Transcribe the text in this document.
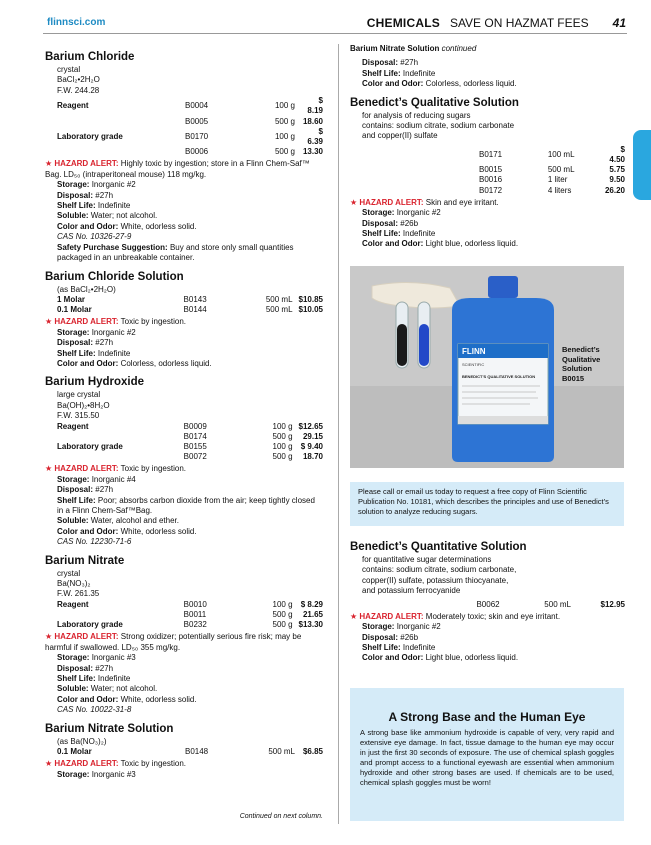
flinnsci.com	CHEMICALS SAVE ON HAZMAT FEES 41
Barium Chloride
crystal
BaCl₂•2H₂O
F.W. 244.28
Reagent	B0004	100 g	$ 8.19
	B0005	500 g	18.60
Laboratory grade	B0170	100 g	$ 6.39
	B0006	500 g	13.30
★ HAZARD ALERT: Highly toxic by ingestion; store in a Flinn Chem-Saf™ Bag. LD₅₀ (intraperitoneal mouse) 118 mg/kg.
Storage: Inorganic #2
Disposal: #27h
Shelf Life: Indefinite
Soluble: Water; not alcohol.
Color and Odor: White, odorless solid.
CAS No. 10326-27-9
Safety Purchase Suggestion: Buy and store only small quantities packaged in an unbreakable container.
Barium Chloride Solution
(as BaCl₂•2H₂O)
1 Molar	B0143	500 mL	$10.85
0.1 Molar	B0144	500 mL	$10.05
★ HAZARD ALERT: Toxic by ingestion.
Storage: Inorganic #2
Disposal: #27h
Shelf Life: Indefinite
Color and Odor: Colorless, odorless liquid.
Barium Hydroxide
large crystal
Ba(OH)₂•8H₂O
F.W. 315.50
Reagent	B0009	100 g	$12.65
	B0174	500 g	29.15
Laboratory grade	B0155	100 g	$ 9.40
	B0072	500 g	18.70
★ HAZARD ALERT: Toxic by ingestion.
Storage: Inorganic #4
Disposal: #27h
Shelf Life: Poor; absorbs carbon dioxide from the air; keep tightly closed in a Flinn Chem-Saf™Bag.
Soluble: Water, alcohol and ether.
Color and Odor: White, odorless solid.
CAS No. 12230-71-6
Barium Nitrate
crystal
Ba(NO₃)₂
F.W. 261.35
Reagent	B0010	100 g	$ 8.29
	B0011	500 g	21.65
Laboratory grade	B0232	500 g	$13.30
★ HAZARD ALERT: Strong oxidizer; potentially serious fire risk; may be harmful if swallowed. LD₅₀ 355 mg/kg.
Storage: Inorganic #3
Disposal: #27h
Shelf Life: Indefinite
Soluble: Water; not alcohol.
Color and Odor: White, odorless solid.
CAS No. 10022-31-8
Barium Nitrate Solution
(as Ba(NO₃)₂)
0.1 Molar	B0148	500 mL	$6.85
★ HAZARD ALERT: Toxic by ingestion.
Storage: Inorganic #3
Continued on next column.
Barium Nitrate Solution continued
Disposal: #27h
Shelf Life: Indefinite
Color and Odor: Colorless, odorless liquid.
Benedict’s Qualitative Solution
for analysis of reducing sugars
contains: sodium citrate, sodium carbonate
and copper(II) sulfate
	B0171	100 mL	$ 4.50
	B0015	500 mL	5.75
	B0016	1 liter	9.50
	B0172	4 liters	26.20
★ HAZARD ALERT: Skin and eye irritant.
Storage: Inorganic #2
Disposal: #26b
Shelf Life: Indefinite
Color and Odor: Light blue, odorless liquid.
FLINN
SCIENTIFIC
BENEDICT’S QUALITATIVE SOLUTION
Benedict’s
Qualitative
Solution
B0015
Please call or email us today to request a free copy of Flinn Scientific Publication No. 10181, which describes the principles and use of Benedict’s solution to analyze reducing sugars.
Benedict’s Quantitative Solution
for quantitative sugar determinations
contains: sodium citrate, sodium carbonate,
copper(II) sulfate, potassium thiocyanate,
and potassium ferrocyanide
	B0062	500 mL	$12.95
★ HAZARD ALERT: Moderately toxic; skin and eye irritant.
Storage: Inorganic #2
Disposal: #26b
Shelf Life: Indefinite
Color and Odor: Light blue, odorless liquid.
A Strong Base and the Human Eye

A strong base like ammonium hydroxide is capable of very, very rapid and extensive eye damage. In fact, tissue damage to the human eye may occur in just the first 30 seconds of exposure. The use of chemical splash goggles and prompt access to a functional eyewash are essential when ammonium hydroxide and other strong bases are used. If chemicals are to be used, chemical splash goggles must be worn!
